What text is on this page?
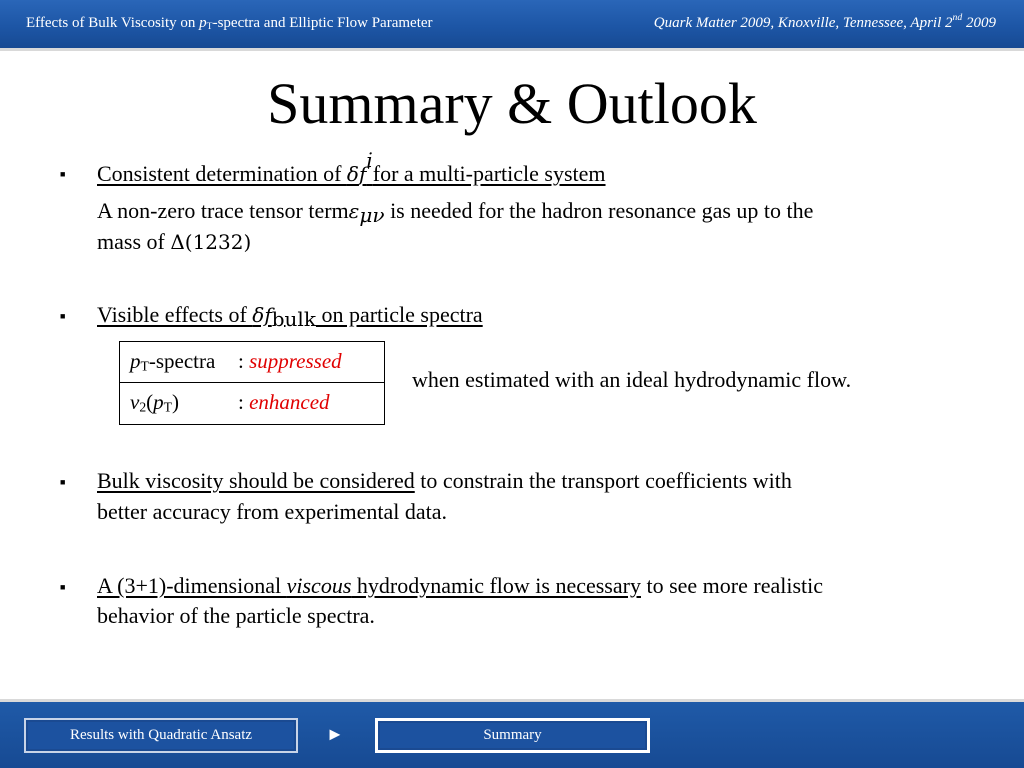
Effects of Bulk Viscosity on $p_T$-spectra and Elliptic Flow Parameter	Quark Matter 2009, Knoxville, Tennessee, April 2nd 2009
Summary & Outlook
■ Consistent determination of $\delta f^ifor$ a multi-particle system
A non-zero trace tensor termε$_{\mu\nu}$ is needed for the hadron resonance gas up to the
mass of Δ(1232)
■ Visible effects of $\delta f_{bulk}$ on particle spectra
$p_T$-spectra : suppressed
$v_2(p_T)$	: enhanced
when estimated with an ideal hydrodynamic flow.
■ Bulk viscosity should be considered to constrain the transport coefficients with
better accuracy from experimental data.
■ A (3+1)-dimensional viscous hydrodynamic flow is necessary to see more realistic
behavior of the particle spectra.
Results with Quadratic Ansatz	►	Summary
